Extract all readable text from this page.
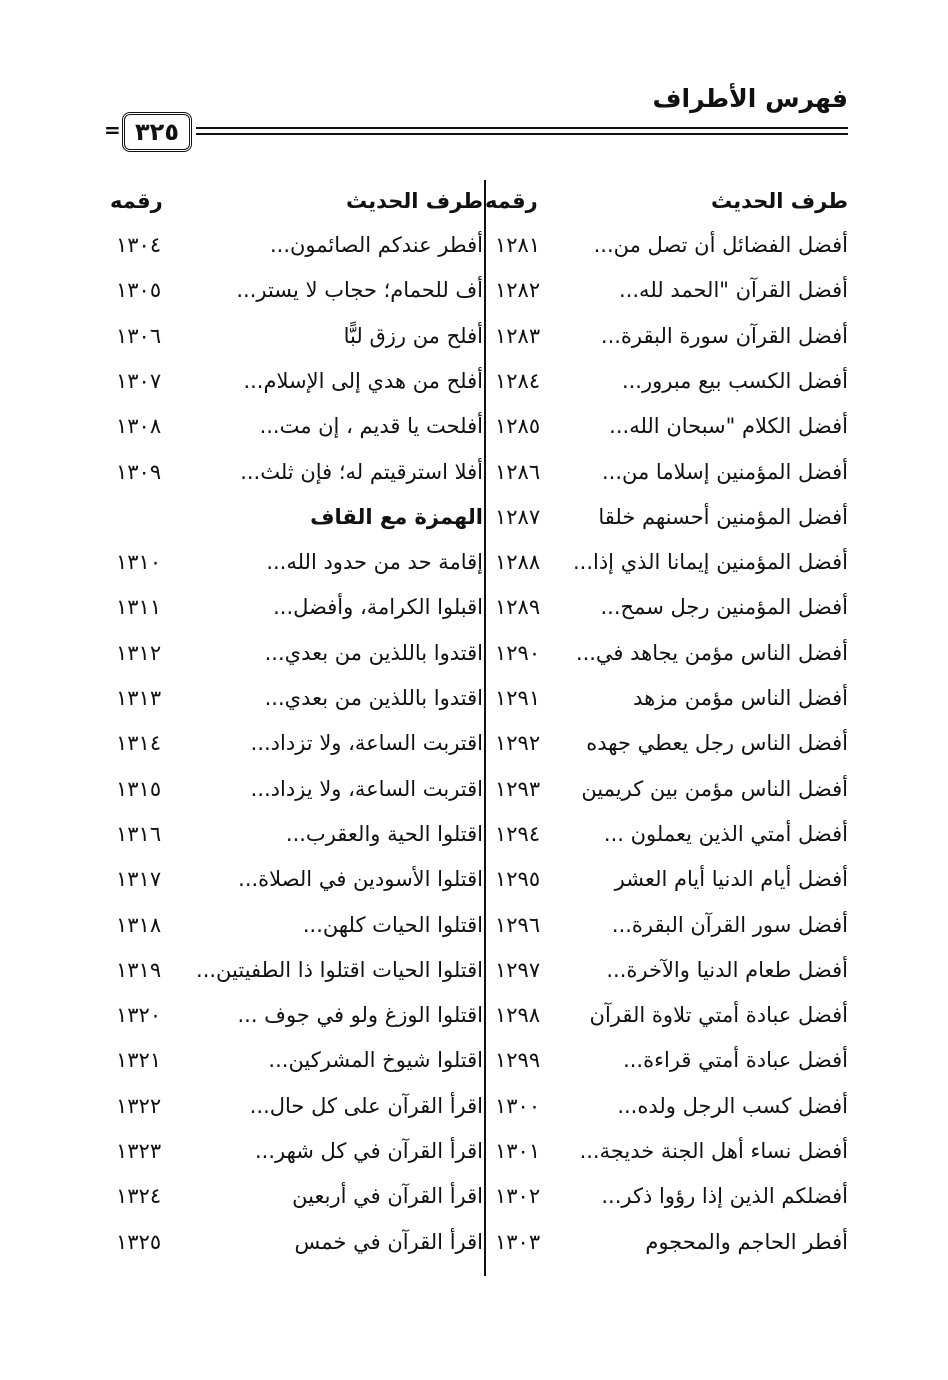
فهرس الأطراف
= ٣٢٥
طرف الحديث
رقمه
أفضل الفضائل أن تصل من...
١٢٨١
أفضل القرآن "الحمد لله...
١٢٨٢
أفضل القرآن سورة البقرة...
١٢٨٣
أفضل الكسب بيع مبرور...
١٢٨٤
أفضل الكلام "سبحان الله...
١٢٨٥
أفضل المؤمنين إسلاما من...
١٢٨٦
أفضل المؤمنين أحسنهم خلقا
١٢٨٧
أفضل المؤمنين إيمانا الذي إذا...
١٢٨٨
أفضل المؤمنين رجل سمح...
١٢٨٩
أفضل الناس مؤمن يجاهد في...
١٢٩٠
أفضل الناس مؤمن مزهد
١٢٩١
أفضل الناس رجل يعطي جهده
١٢٩٢
أفضل الناس مؤمن بين كريمين
١٢٩٣
أفضل أمتي الذين يعملون ...
١٢٩٤
أفضل أيام الدنيا أيام العشر
١٢٩٥
أفضل سور القرآن البقرة...
١٢٩٦
أفضل طعام الدنيا والآخرة...
١٢٩٧
أفضل عبادة أمتي تلاوة القرآن
١٢٩٨
أفضل عبادة أمتي قراءة...
١٢٩٩
أفضل كسب الرجل ولده...
١٣٠٠
أفضل نساء أهل الجنة خديجة...
١٣٠١
أفضلكم الذين إذا رؤوا ذكر...
١٣٠٢
أفطر الحاجم والمحجوم
١٣٠٣
طرف الحديث
رقمه
أفطر عندكم الصائمون...
١٣٠٤
أف للحمام؛ حجاب لا يستر...
١٣٠٥
أفلح من رزق لبًّا
١٣٠٦
أفلح من هدي إلى الإسلام...
١٣٠٧
أفلحت يا قديم ، إن مت...
١٣٠٨
أفلا استرقيتم له؛ فإن ثلث...
١٣٠٩
الهمزة مع القاف
إقامة حد من حدود الله...
١٣١٠
اقبلوا الكرامة، وأفضل...
١٣١١
اقتدوا باللذين من بعدي...
١٣١٢
اقتدوا باللذين من بعدي...
١٣١٣
اقتربت الساعة، ولا تزداد...
١٣١٤
اقتربت الساعة، ولا يزداد...
١٣١٥
اقتلوا الحية والعقرب...
١٣١٦
اقتلوا الأسودين في الصلاة...
١٣١٧
اقتلوا الحيات كلهن...
١٣١٨
اقتلوا الحيات اقتلوا ذا الطفيتين...
١٣١٩
اقتلوا الوزغ ولو في جوف ...
١٣٢٠
اقتلوا شيوخ المشركين...
١٣٢١
اقرأ القرآن على كل حال...
١٣٢٢
اقرأ القرآن في كل شهر...
١٣٢٣
اقرأ القرآن في أربعين
١٣٢٤
اقرأ القرآن في خمس
١٣٢٥
